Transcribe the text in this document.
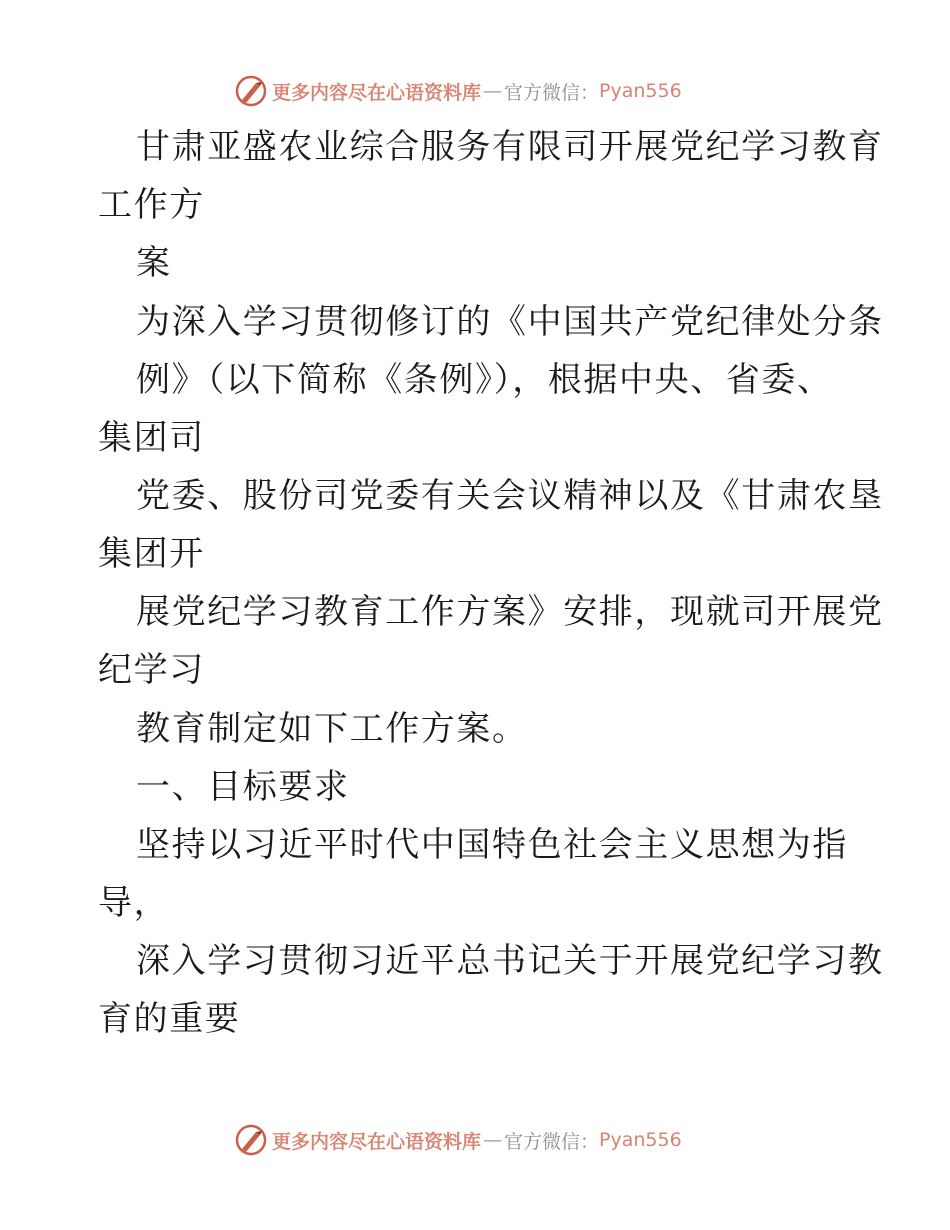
更多内容尽在心语资料库 — 官方微信： Pyan556
甘肃亚盛农业综合服务有限司开展党纪学习教育
工作方
案
为深入学习贯彻修订的《中国共产党纪律处分条
例》（以下简称《条例》），根据中央、省委、
集团司
党委、股份司党委有关会议精神以及《甘肃农垦
集团开
展党纪学习教育工作方案》安排，现就司开展党
纪学习
教育制定如下工作方案。
一、目标要求
坚持以习近平时代中国特色社会主义思想为指
导，
深入学习贯彻习近平总书记关于开展党纪学习教
育的重要
更多内容尽在心语资料库 — 官方微信： Pyan556
